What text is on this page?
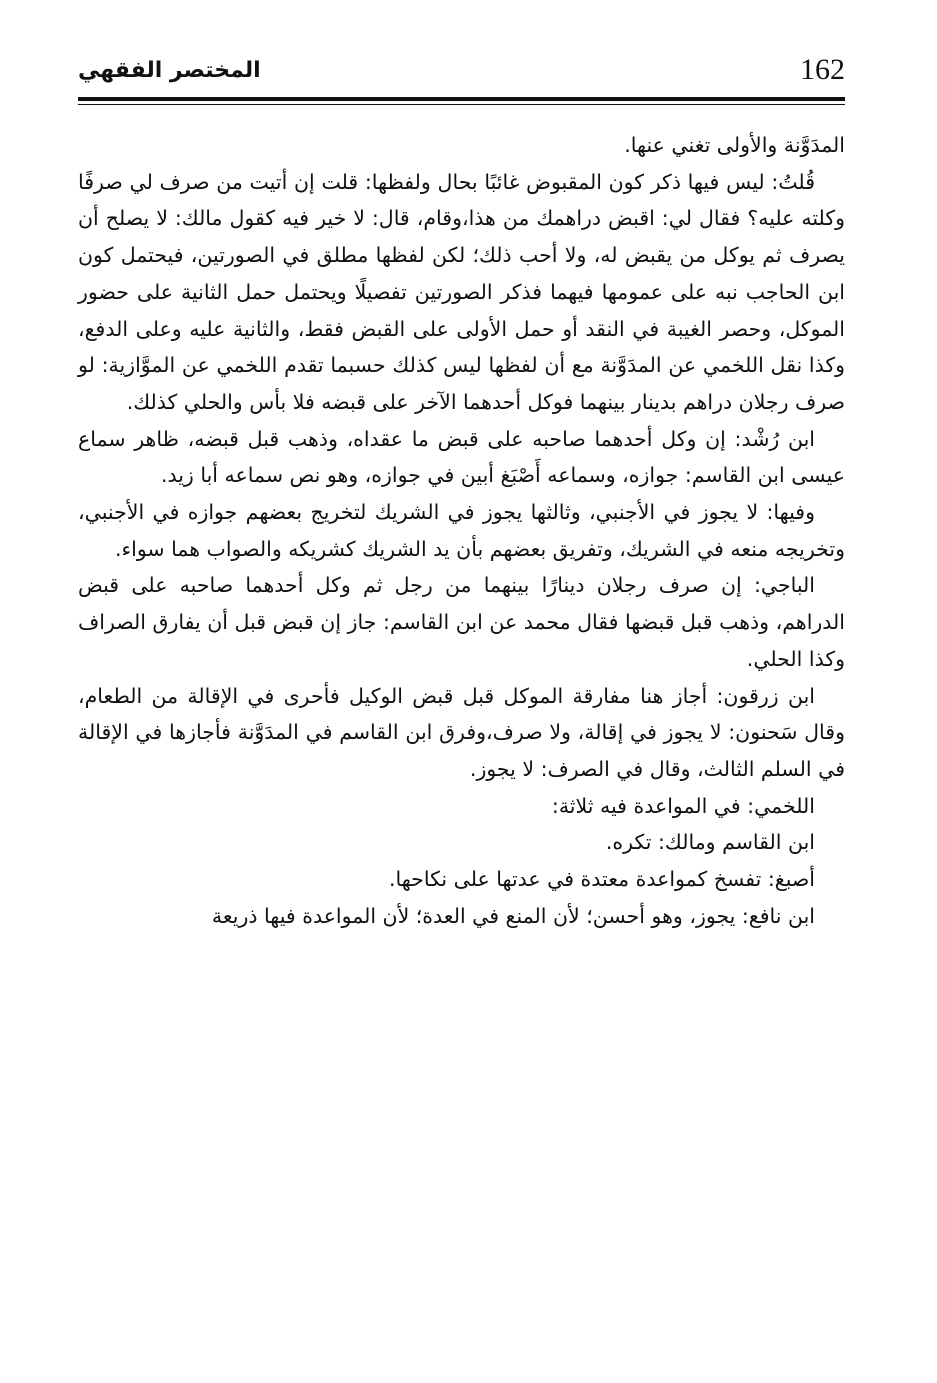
162
المختصر الفقهي

المدَوَّنة والأولى تغني عنها.

قُلتُ: ليس فيها ذكر كون المقبوض غائبًا بحال ولفظها: قلت إن أتيت من صرف لي صرفًا وكلته عليه؟ فقال لي: اقبض دراهمك من هذا،وقام، قال: لا خير فيه كقول مالك: لا يصلح أن يصرف ثم يوكل من يقبض له، ولا أحب ذلك؛ لكن لفظها مطلق في الصورتين، فيحتمل كون ابن الحاجب نبه على عمومها فيهما فذكر الصورتين تفصيلًا ويحتمل حمل الثانية على حضور الموكل، وحصر الغيبة في النقد أو حمل الأولى على القبض فقط، والثانية عليه وعلى الدفع، وكذا نقل اللخمي عن المدَوَّنة مع أن لفظها ليس كذلك حسبما تقدم اللخمي عن الموَّازية: لو صرف رجلان دراهم بدينار بينهما فوكل أحدهما الآخر على قبضه فلا بأس والحلي كذلك.

ابن رُشْد: إن وكل أحدهما صاحبه على قبض ما عقداه، وذهب قبل قبضه، ظاهر سماع عيسى ابن القاسم: جوازه، وسماعه أَصْبَغ أبين في جوازه، وهو نص سماعه أبا زيد.

وفيها: لا يجوز في الأجنبي، وثالثها يجوز في الشريك لتخريج بعضهم جوازه في الأجنبي، وتخريجه منعه في الشريك، وتفريق بعضهم بأن يد الشريك كشريكه والصواب هما سواء.

الباجي: إن صرف رجلان دينارًا بينهما من رجل ثم وكل أحدهما صاحبه على قبض الدراهم، وذهب قبل قبضها فقال محمد عن ابن القاسم: جاز إن قبض قبل أن يفارق الصراف وكذا الحلي.

ابن زرقون: أجاز هنا مفارقة الموكل قبل قبض الوكيل فأحرى في الإقالة من الطعام، وقال سَحنون: لا يجوز في إقالة، ولا صرف،وفرق ابن القاسم في المدَوَّنة فأجازها في الإقالة في السلم الثالث، وقال في الصرف: لا يجوز.

اللخمي: في المواعدة فيه ثلاثة:

ابن القاسم ومالك: تكره.

أصبغ: تفسخ كمواعدة معتدة في عدتها على نكاحها.

ابن نافع: يجوز، وهو أحسن؛ لأن المنع في العدة؛ لأن المواعدة فيها ذريعة
